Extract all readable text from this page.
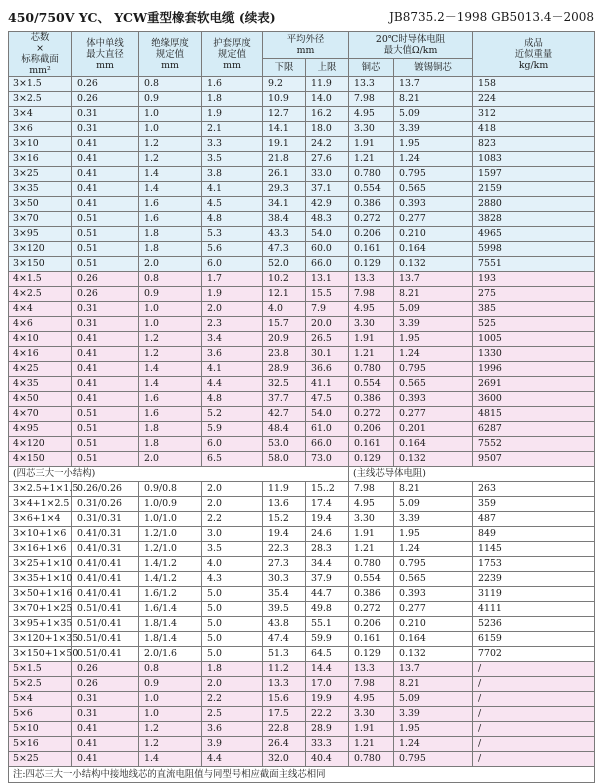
450/750V YC、 YCW重型橡套软电缆 (续表)	JB8735.2－1998 GB5013.4－2008
芯数
×
标称截面
mm²	体中单线
最大直径
mm	绝缘厚度
规定值
mm	护套厚度
规定值
mm	平均外径
mm		20℃时导体电阻
最大值Ω/km		成品
近似重量
kg/km
				下限	上限	铜芯	镀锡铜芯	
3×1.5	0.26	0.8	1.6	9.2	11.9	13.3	13.7	158
3×2.5	0.26	0.9	1.8	10.9	14.0	7.98	8.21	224
3×4	0.31	1.0	1.9	12.7	16.2	4.95	5.09	312
3×6	0.31	1.0	2.1	14.1	18.0	3.30	3.39	418
3×10	0.41	1.2	3.3	19.1	24.2	1.91	1.95	823
3×16	0.41	1.2	3.5	21.8	27.6	1.21	1.24	1083
3×25	0.41	1.4	3.8	26.1	33.0	0.780	0.795	1597
3×35	0.41	1.4	4.1	29.3	37.1	0.554	0.565	2159
3×50	0.41	1.6	4.5	34.1	42.9	0.386	0.393	2880
3×70	0.51	1.6	4.8	38.4	48.3	0.272	0.277	3828
3×95	0.51	1.8	5.3	43.3	54.0	0.206	0.210	4965
3×120	0.51	1.8	5.6	47.3	60.0	0.161	0.164	5998
3×150	0.51	2.0	6.0	52.0	66.0	0.129	0.132	7551
4×1.5	0.26	0.8	1.7	10.2	13.1	13.3	13.7	193
4×2.5	0.26	0.9	1.9	12.1	15.5	7.98	8.21	275
4×4	0.31	1.0	2.0	4.0	7.9	4.95	5.09	385
4×6	0.31	1.0	2.3	15.7	20.0	3.30	3.39	525
4×10	0.41	1.2	3.4	20.9	26.5	1.91	1.95	1005
4×16	0.41	1.2	3.6	23.8	30.1	1.21	1.24	1330
4×25	0.41	1.4	4.1	28.9	36.6	0.780	0.795	1996
4×35	0.41	1.4	4.4	32.5	41.1	0.554	0.565	2691
4×50	0.41	1.6	4.8	37.7	47.5	0.386	0.393	3600
4×70	0.51	1.6	5.2	42.7	54.0	0.272	0.277	4815
4×95	0.51	1.8	5.9	48.4	61.0	0.206	0.201	6287
4×120	0.51	1.8	6.0	53.0	66.0	0.161	0.164	7552
4×150	0.51	2.0	6.5	58.0	73.0	0.129	0.132	9507
(四芯三大一小结构)						(主线芯导体电阻)		
3×2.5+1×1.5	0.26/0.26	0.9/0.8	2.0	11.9	15..2	7.98	8.21	263
3×4+1×2.5	0.31/0.26	1.0/0.9	2.0	13.6	17.4	4.95	5.09	359
3×6+1×4	0.31/0.31	1.0/1.0	2.2	15.2	19.4	3.30	3.39	487
3×10+1×6	0.41/0.31	1.2/1.0	3.0	19.4	24.6	1.91	1.95	849
3×16+1×6	0.41/0.31	1.2/1.0	3.5	22.3	28.3	1.21	1.24	1145
3×25+1×10	0.41/0.41	1.4/1.2	4.0	27.3	34.4	0.780	0.795	1753
3×35+1×10	0.41/0.41	1.4/1.2	4.3	30.3	37.9	0.554	0.565	2239
3×50+1×16	0.41/0.41	1.6/1.2	5.0	35.4	44.7	0.386	0.393	3119
3×70+1×25	0.51/0.41	1.6/1.4	5.0	39.5	49.8	0.272	0.277	4111
3×95+1×35	0.51/0.41	1.8/1.4	5.0	43.8	55.1	0.206	0.210	5236
3×120+1×35	0.51/0.41	1.8/1.4	5.0	47.4	59.9	0.161	0.164	6159
3×150+1×50	0.51/0.41	2.0/1.6	5.0	51.3	64.5	0.129	0.132	7702
5×1.5	0.26	0.8	1.8	11.2	14.4	13.3	13.7	/
5×2.5	0.26	0.9	2.0	13.3	17.0	7.98	8.21	/
5×4	0.31	1.0	2.2	15.6	19.9	4.95	5.09	/
5×6	0.31	1.0	2.5	17.5	22.2	3.30	3.39	/
5×10	0.41	1.2	3.6	22.8	28.9	1.91	1.95	/
5×16	0.41	1.2	3.9	26.4	33.3	1.21	1.24	/
5×25	0.41	1.4	4.4	32.0	40.4	0.780	0.795	/
注:四芯三大一小结构中接地线芯的直流电阻值与同型号相应截面主线芯相同								
